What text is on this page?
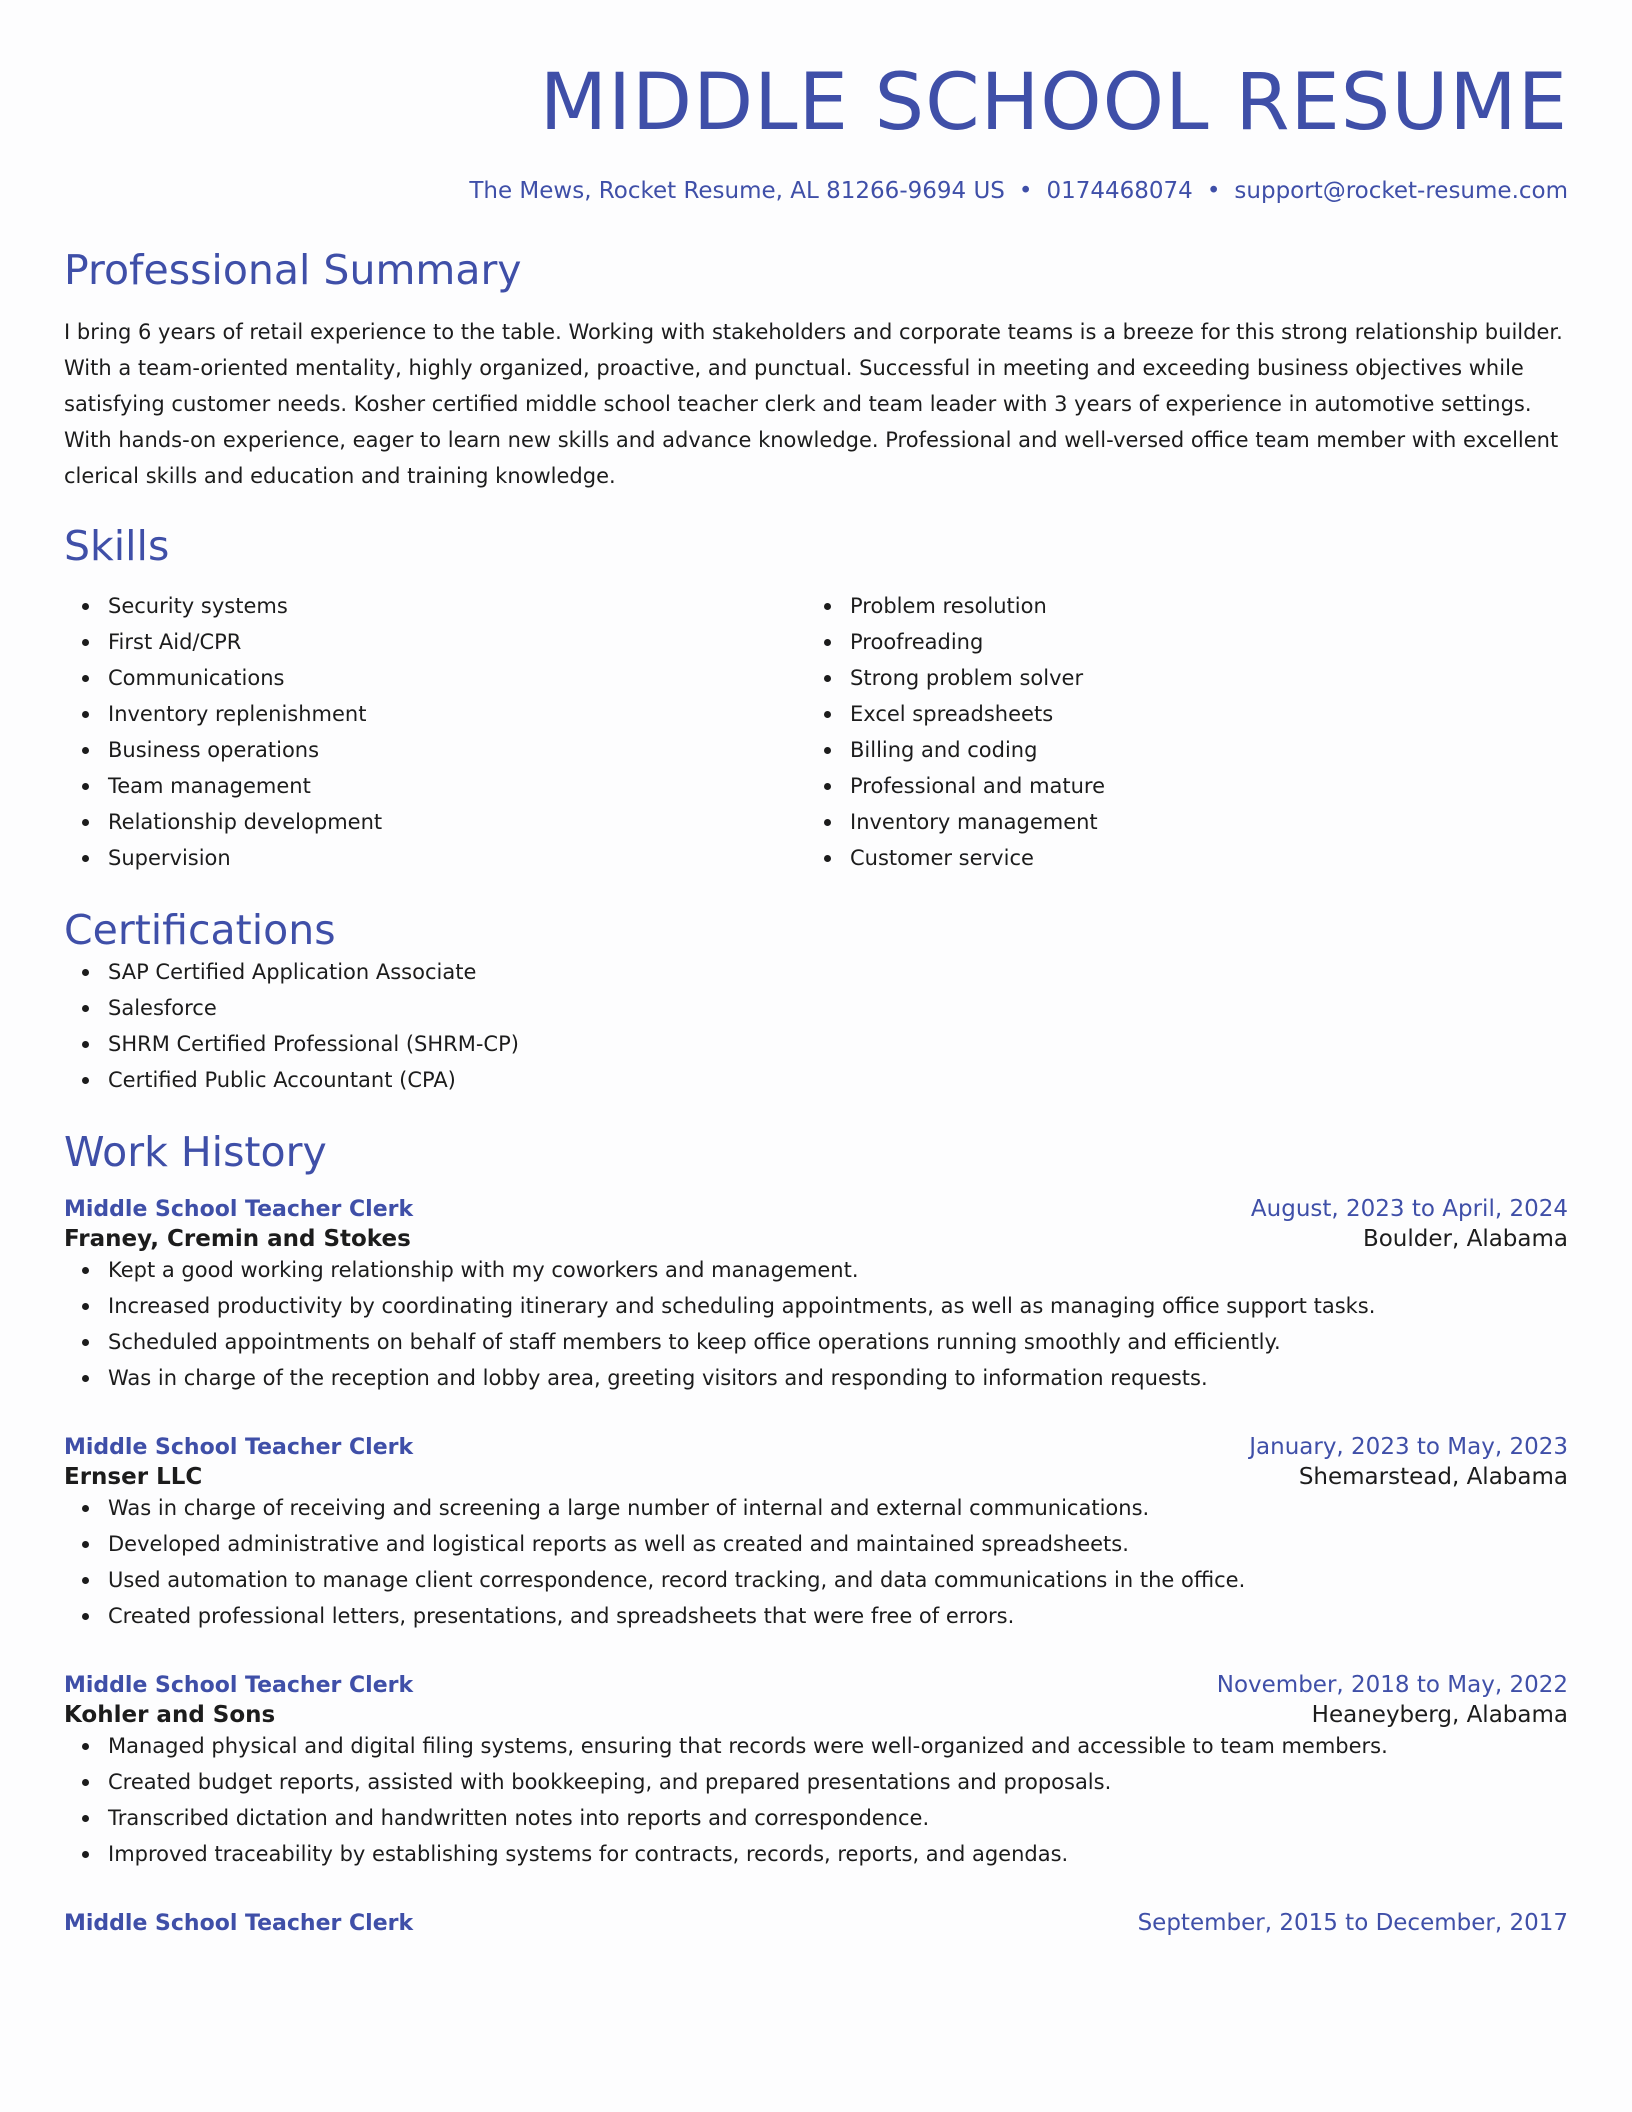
MIDDLE SCHOOL RESUME
The Mews, Rocket Resume, AL 81266-9694 US • 0174468074 • support@rocket-resume.com
Professional Summary
I bring 6 years of retail experience to the table. Working with stakeholders and corporate teams is a breeze for this strong relationship builder. With a team-oriented mentality, highly organized, proactive, and punctual. Successful in meeting and exceeding business objectives while satisfying customer needs. Kosher certified middle school teacher clerk and team leader with 3 years of experience in automotive settings. With hands-on experience, eager to learn new skills and advance knowledge. Professional and well-versed office team member with excellent clerical skills and education and training knowledge.
Skills
Security systems
First Aid/CPR
Communications
Inventory replenishment
Business operations
Team management
Relationship development
Supervision
Problem resolution
Proofreading
Strong problem solver
Excel spreadsheets
Billing and coding
Professional and mature
Inventory management
Customer service
Certifications
SAP Certified Application Associate
Salesforce
SHRM Certified Professional (SHRM-CP)
Certified Public Accountant (CPA)
Work History
Middle School Teacher Clerk	August, 2023 to April, 2024
Franey, Cremin and Stokes	Boulder, Alabama
Kept a good working relationship with my coworkers and management.
Increased productivity by coordinating itinerary and scheduling appointments, as well as managing office support tasks.
Scheduled appointments on behalf of staff members to keep office operations running smoothly and efficiently.
Was in charge of the reception and lobby area, greeting visitors and responding to information requests.
Middle School Teacher Clerk	January, 2023 to May, 2023
Ernser LLC	Shemarstead, Alabama
Was in charge of receiving and screening a large number of internal and external communications.
Developed administrative and logistical reports as well as created and maintained spreadsheets.
Used automation to manage client correspondence, record tracking, and data communications in the office.
Created professional letters, presentations, and spreadsheets that were free of errors.
Middle School Teacher Clerk	November, 2018 to May, 2022
Kohler and Sons	Heaneyberg, Alabama
Managed physical and digital filing systems, ensuring that records were well-organized and accessible to team members.
Created budget reports, assisted with bookkeeping, and prepared presentations and proposals.
Transcribed dictation and handwritten notes into reports and correspondence.
Improved traceability by establishing systems for contracts, records, reports, and agendas.
Middle School Teacher Clerk	September, 2015 to December, 2017
